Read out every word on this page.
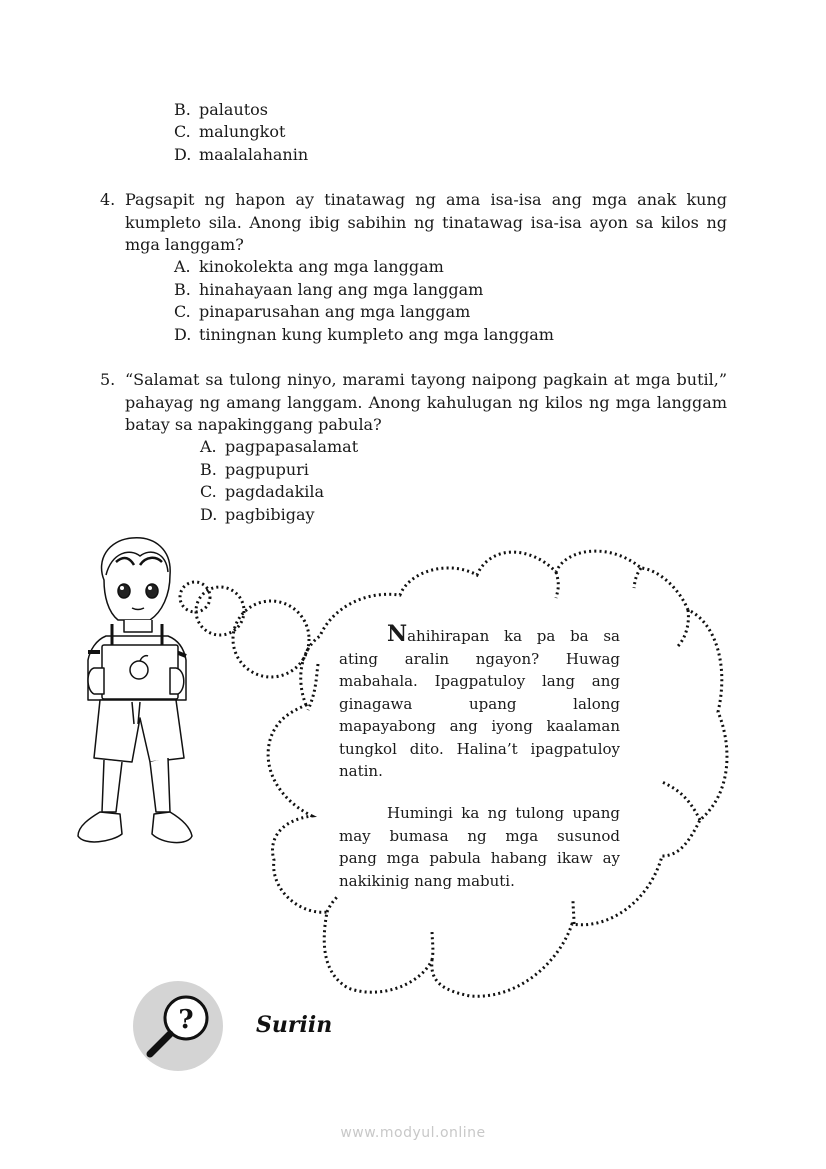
B. palautos
C. malungkot
D. maalalahanin
4. Pagsapit ng hapon ay tinatawag ng ama isa-isa ang mga anak kung
kumpleto sila. Anong ibig sabihin ng tinatawag isa-isa ayon sa kilos ng
mga langgam?
A. kinokolekta ang mga langgam
B. hinahayaan lang ang mga langgam
C. pinaparusahan ang mga langgam
D. tiningnan kung kumpleto ang mga langgam
5. “Salamat sa tulong ninyo, marami tayong naipong pagkain at mga butil,”
pahayag ng amang langgam. Anong kahulugan ng kilos ng mga langgam
batay sa napakinggang pabula?
A. pagpapasalamat
B. pagpupuri
C. pagdadakila
D. pagbibigay
?
Nahihirapan ka pa ba sa
ating aralin ngayon? Huwag
mabahala. Ipagpatuloy lang ang
ginagawa upang lalong
mapayabong ang iyong kaalaman
tungkol dito. Halina’t ipagpatuloy
natin.
Humingi ka ng tulong upang
may bumasa ng mga susunod
pang mga pabula habang ikaw ay
nakikinig nang mabuti.
Suriin
www.modyul.online
